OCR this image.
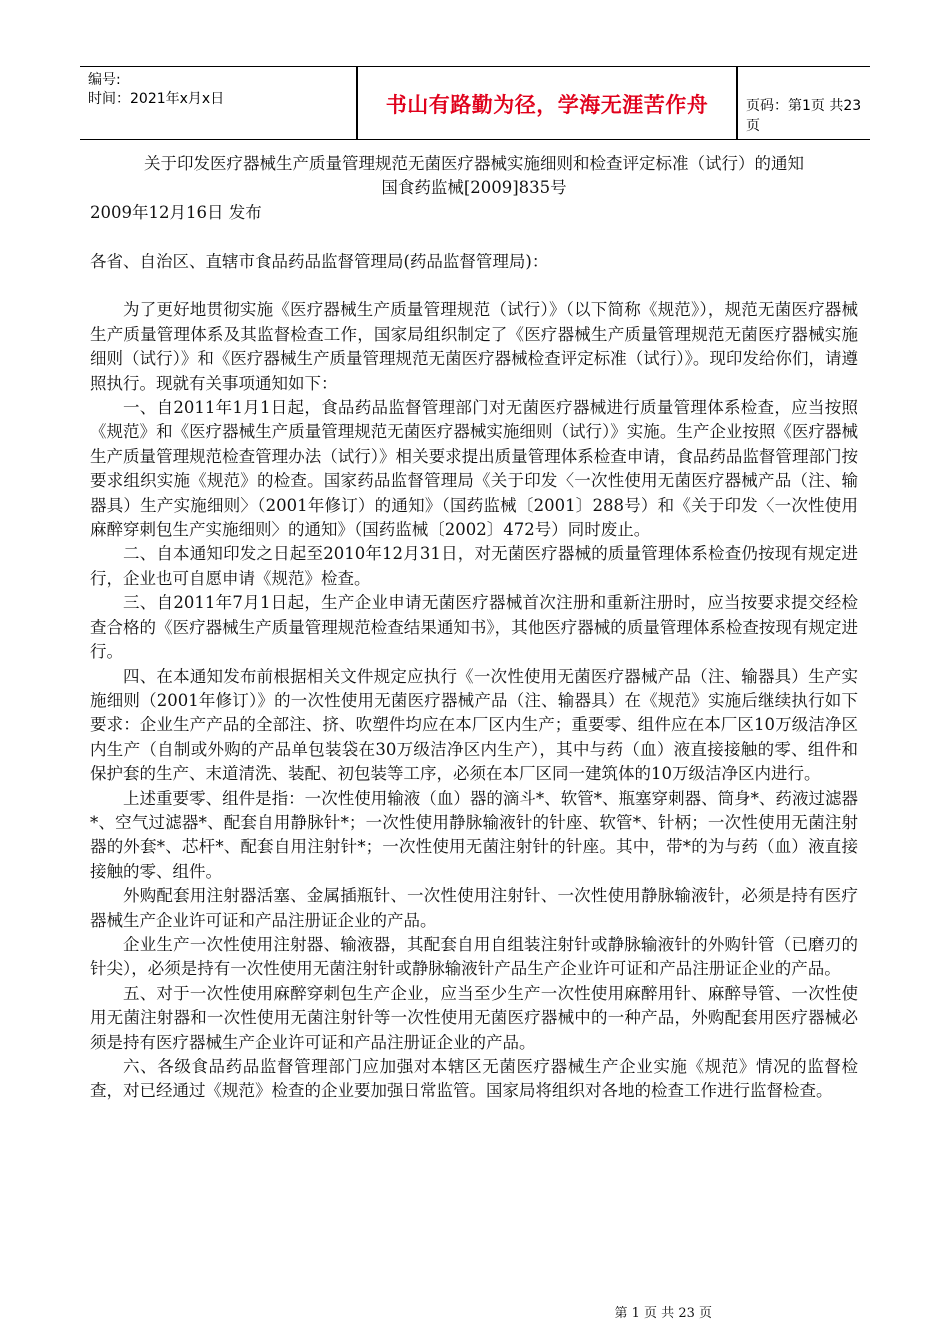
编号:
时间：2021年x月x日	书山有路勤为径，学海无涯苦作舟	页码：第1页 共23页

关于印发医疗器械生产质量管理规范无菌医疗器械实施细则和检查评定标准（试行）的通知

国食药监械[2009]835号

2009年12月16日 发布

各省、自治区、直辖市食品药品监督管理局(药品监督管理局)：

为了更好地贯彻实施《医疗器械生产质量管理规范（试行）》（以下简称《规范》），规范无菌医疗器械生产质量管理体系及其监督检查工作，国家局组织制定了《医疗器械生产质量管理规范无菌医疗器械实施细则（试行）》和《医疗器械生产质量管理规范无菌医疗器械检查评定标准（试行）》。现印发给你们，请遵照执行。现就有关事项通知如下：

一、自2011年1月1日起，食品药品监督管理部门对无菌医疗器械进行质量管理体系检查，应当按照《规范》和《医疗器械生产质量管理规范无菌医疗器械实施细则（试行）》实施。生产企业按照《医疗器械生产质量管理规范检查管理办法（试行）》相关要求提出质量管理体系检查申请，食品药品监督管理部门按要求组织实施《规范》的检查。国家药品监督管理局《关于印发〈一次性使用无菌医疗器械产品（注、输器具）生产实施细则〉（2001年修订）的通知》（国药监械〔2001〕288号）和《关于印发〈一次性使用麻醉穿刺包生产实施细则〉的通知》（国药监械〔2002〕472号）同时废止。

二、自本通知印发之日起至2010年12月31日，对无菌医疗器械的质量管理体系检查仍按现有规定进行，企业也可自愿申请《规范》检查。

三、自2011年7月1日起，生产企业申请无菌医疗器械首次注册和重新注册时，应当按要求提交经检查合格的《医疗器械生产质量管理规范检查结果通知书》，其他医疗器械的质量管理体系检查按现有规定进行。

四、在本通知发布前根据相关文件规定应执行《一次性使用无菌医疗器械产品（注、输器具）生产实施细则（2001年修订）》的一次性使用无菌医疗器械产品（注、输器具）在《规范》实施后继续执行如下要求：企业生产产品的全部注、挤、吹塑件均应在本厂区内生产；重要零、组件应在本厂区10万级洁净区内生产（自制或外购的产品单包装袋在30万级洁净区内生产），其中与药（血）液直接接触的零、组件和保护套的生产、末道清洗、装配、初包装等工序，必须在本厂区同一建筑体的10万级洁净区内进行。

上述重要零、组件是指：一次性使用输液（血）器的滴斗*、软管*、瓶塞穿刺器、筒身*、药液过滤器*、空气过滤器*、配套自用静脉针*；一次性使用静脉输液针的针座、软管*、针柄；一次性使用无菌注射器的外套*、芯杆*、配套自用注射针*；一次性使用无菌注射针的针座。其中，带*的为与药（血）液直接接触的零、组件。

外购配套用注射器活塞、金属插瓶针、一次性使用注射针、一次性使用静脉输液针，必须是持有医疗器械生产企业许可证和产品注册证企业的产品。

企业生产一次性使用注射器、输液器，其配套自用自组装注射针或静脉输液针的外购针管（已磨刃的针尖），必须是持有一次性使用无菌注射针或静脉输液针产品生产企业许可证和产品注册证企业的产品。

五、对于一次性使用麻醉穿刺包生产企业，应当至少生产一次性使用麻醉用针、麻醉导管、一次性使用无菌注射器和一次性使用无菌注射针等一次性使用无菌医疗器械中的一种产品，外购配套用医疗器械必须是持有医疗器械生产企业许可证和产品注册证企业的产品。

六、各级食品药品监督管理部门应加强对本辖区无菌医疗器械生产企业实施《规范》情况的监督检查，对已经通过《规范》检查的企业要加强日常监管。国家局将组织对各地的检查工作进行监督检查。

第 1 页 共 23 页
